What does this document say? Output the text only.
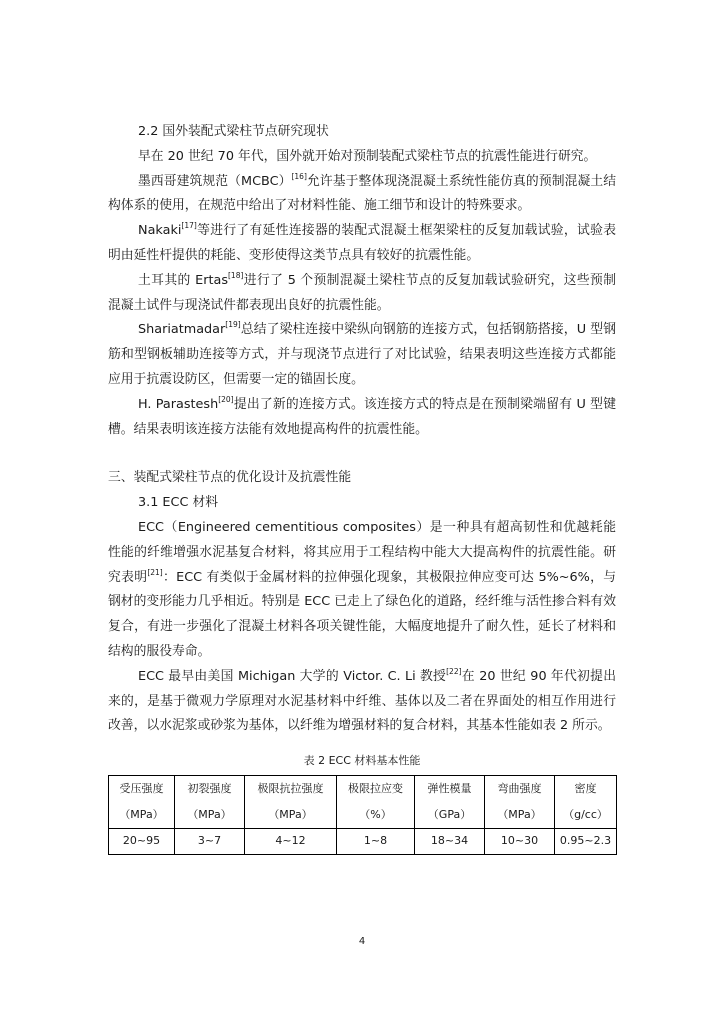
2.2 国外装配式梁柱节点研究现状

早在 20 世纪 70 年代，国外就开始对预制装配式梁柱节点的抗震性能进行研究。

墨西哥建筑规范（MCBC）[16]允许基于整体现浇混凝土系统性能仿真的预制混凝土结构体系的使用，在规范中给出了对材料性能、施工细节和设计的特殊要求。

Nakaki[17]等进行了有延性连接器的装配式混凝土框架梁柱的反复加载试验，试验表明由延性杆提供的耗能、变形使得这类节点具有较好的抗震性能。

土耳其的 Ertas[18]进行了 5 个预制混凝土梁柱节点的反复加载试验研究，这些预制混凝土试件与现浇试件都表现出良好的抗震性能。

Shariatmadar[19]总结了梁柱连接中梁纵向钢筋的连接方式，包括钢筋搭接，U 型钢筋和型钢板辅助连接等方式，并与现浇节点进行了对比试验，结果表明这些连接方式都能应用于抗震设防区，但需要一定的锚固长度。

H. Parastesh[20]提出了新的连接方式。该连接方式的特点是在预制梁端留有 U 型键槽。结果表明该连接方法能有效地提高构件的抗震性能。

三、装配式梁柱节点的优化设计及抗震性能

3.1 ECC 材料

ECC（Engineered cementitious composites）是一种具有超高韧性和优越耗能性能的纤维增强水泥基复合材料，将其应用于工程结构中能大大提高构件的抗震性能。研究表明[21]：ECC 有类似于金属材料的拉伸强化现象，其极限拉伸应变可达 5%~6%，与钢材的变形能力几乎相近。特别是 ECC 已走上了绿色化的道路，经纤维与活性掺合料有效复合，有进一步强化了混凝土材料各项关键性能，大幅度地提升了耐久性，延长了材料和结构的服役寿命。

ECC 最早由美国 Michigan 大学的 Victor. C. Li 教授[22]在 20 世纪 90 年代初提出来的，是基于微观力学原理对水泥基材料中纤维、基体以及二者在界面处的相互作用进行改善，以水泥浆或砂浆为基体，以纤维为增强材料的复合材料，其基本性能如表 2 所示。

表 2 ECC 材料基本性能
受压强度	初裂强度	极限抗拉强度	极限拉应变	弹性模量	弯曲强度	密度
（MPa）	（MPa）	（MPa）	（%）	（GPa）	（MPa）	（g/cc）
20~95	3~7	4~12	1~8	18~34	10~30	0.95~2.3
4
